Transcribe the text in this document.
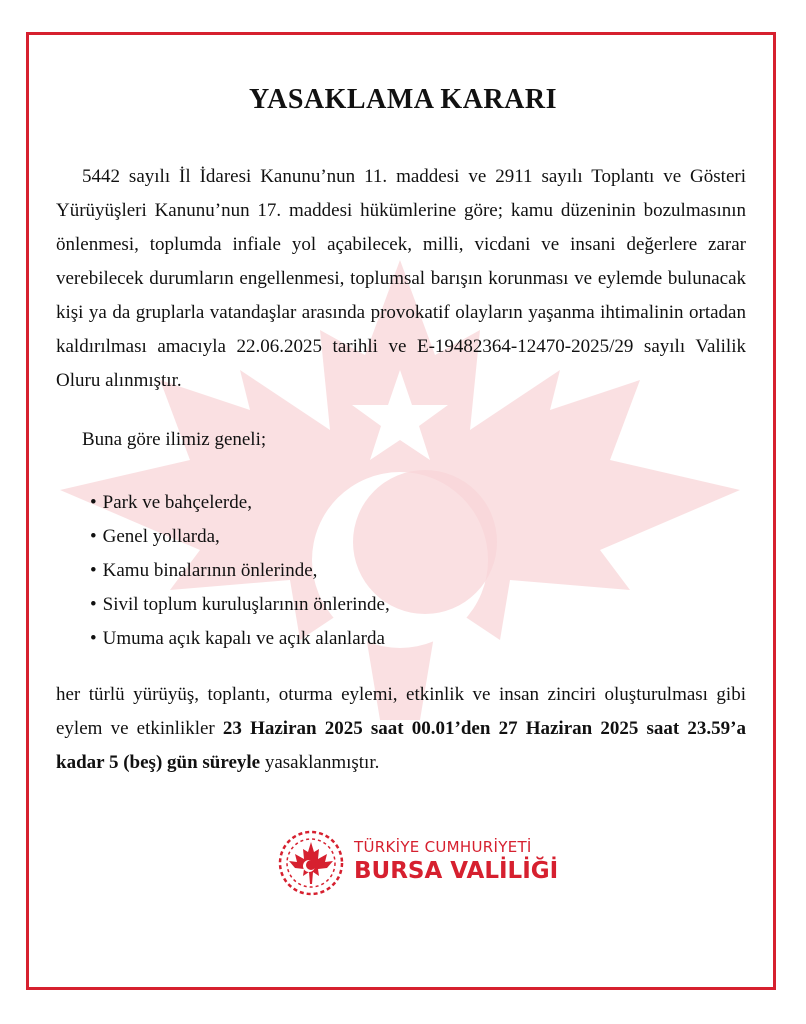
YASAKLAMA KARARI

5442 sayılı İl İdaresi Kanunu’nun 11. maddesi ve 2911 sayılı Toplantı ve Gösteri Yürüyüşleri Kanunu’nun 17. maddesi hükümlerine göre; kamu düzeninin bozulmasının önlenmesi, toplumda infiale yol açabilecek, milli, vicdani ve insani değerlere zarar verebilecek durumların engellenmesi, toplumsal barışın korunması ve eylemde bulunacak kişi ya da gruplarla vatandaşlar arasında provokatif olayların yaşanma ihtimalinin ortadan kaldırılması amacıyla 22.06.2025 tarihli ve E-19482364-12470-2025/29 sayılı Valilik Oluru alınmıştır.

Buna göre ilimiz geneli;

• Park ve bahçelerde,
• Genel yollarda,
• Kamu binalarının önlerinde,
• Sivil toplum kuruluşlarının önlerinde,
• Umuma açık kapalı ve açık alanlarda

her türlü yürüyüş, toplantı, oturma eylemi, etkinlik ve insan zinciri oluşturulması gibi eylem ve etkinlikler 23 Haziran 2025 saat 00.01’den 27 Haziran 2025 saat 23.59’a kadar 5 (beş) gün süreyle yasaklanmıştır.

TÜRKİYE CUMHURİYETİ
BURSA VALİLİĞİ
